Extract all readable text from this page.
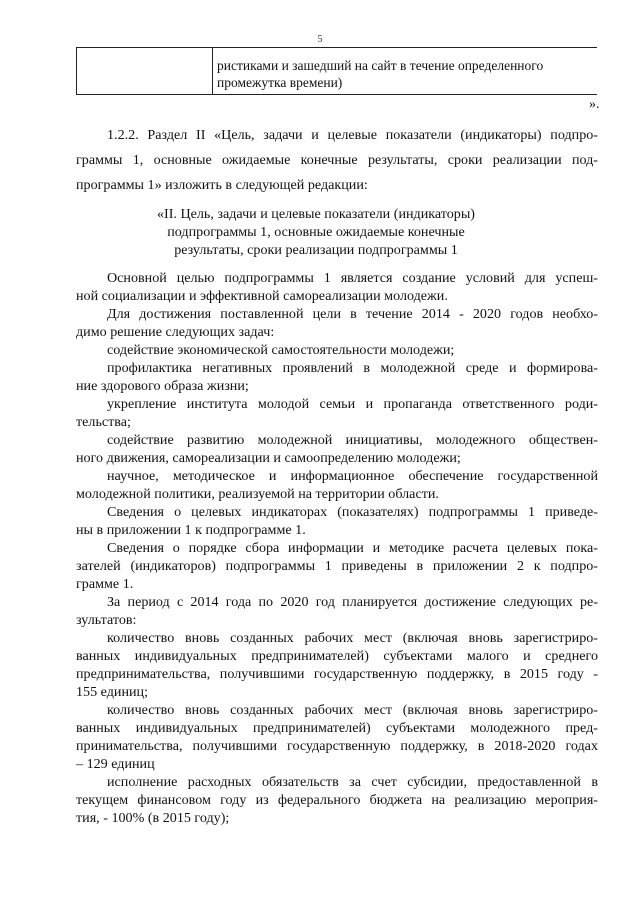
5
ристиками и зашедший на сайт в течение определенного
промежутка времени)
».
1.2.2. Раздел II «Цель, задачи и целевые показатели (индикаторы) подпро-
граммы 1, основные ожидаемые конечные результаты, сроки реализации под-
программы 1» изложить в следующей редакции:
«II. Цель, задачи и целевые показатели (индикаторы)
подпрограммы 1, основные ожидаемые конечные
результаты, сроки реализации подпрограммы 1
Основной целью подпрограммы 1 является создание условий для успеш-
ной социализации и эффективной самореализации молодежи.
Для достижения поставленной цели в течение 2014 - 2020 годов необхо-
димо решение следующих задач:
содействие экономической самостоятельности молодежи;
профилактика негативных проявлений в молодежной среде и формирова-
ние здорового образа жизни;
укрепление института молодой семьи и пропаганда ответственного роди-
тельства;
содействие развитию молодежной инициативы, молодежного обществен-
ного движения, самореализации и самоопределению молодежи;
научное, методическое и информационное обеспечение государственной
молодежной политики, реализуемой на территории области.
Сведения о целевых индикаторах (показателях) подпрограммы 1 приведе-
ны в приложении 1 к подпрограмме 1.
Сведения о порядке сбора информации и методике расчета целевых пока-
зателей (индикаторов) подпрограммы 1 приведены в приложении 2 к подпро-
грамме 1.
За период с 2014 года по 2020 год планируется достижение следующих ре-
зультатов:
количество вновь созданных рабочих мест (включая вновь зарегистриро-
ванных индивидуальных предпринимателей) субъектами малого и среднего
предпринимательства, получившими государственную поддержку, в 2015 году -
155 единиц;
количество вновь созданных рабочих мест (включая вновь зарегистриро-
ванных индивидуальных предпринимателей) субъектами молодежного пред-
принимательства, получившими государственную поддержку, в 2018-2020 годах
– 129 единиц
исполнение расходных обязательств за счет субсидии, предоставленной в
текущем финансовом году из федерального бюджета на реализацию мероприя-
тия, - 100% (в 2015 году);
